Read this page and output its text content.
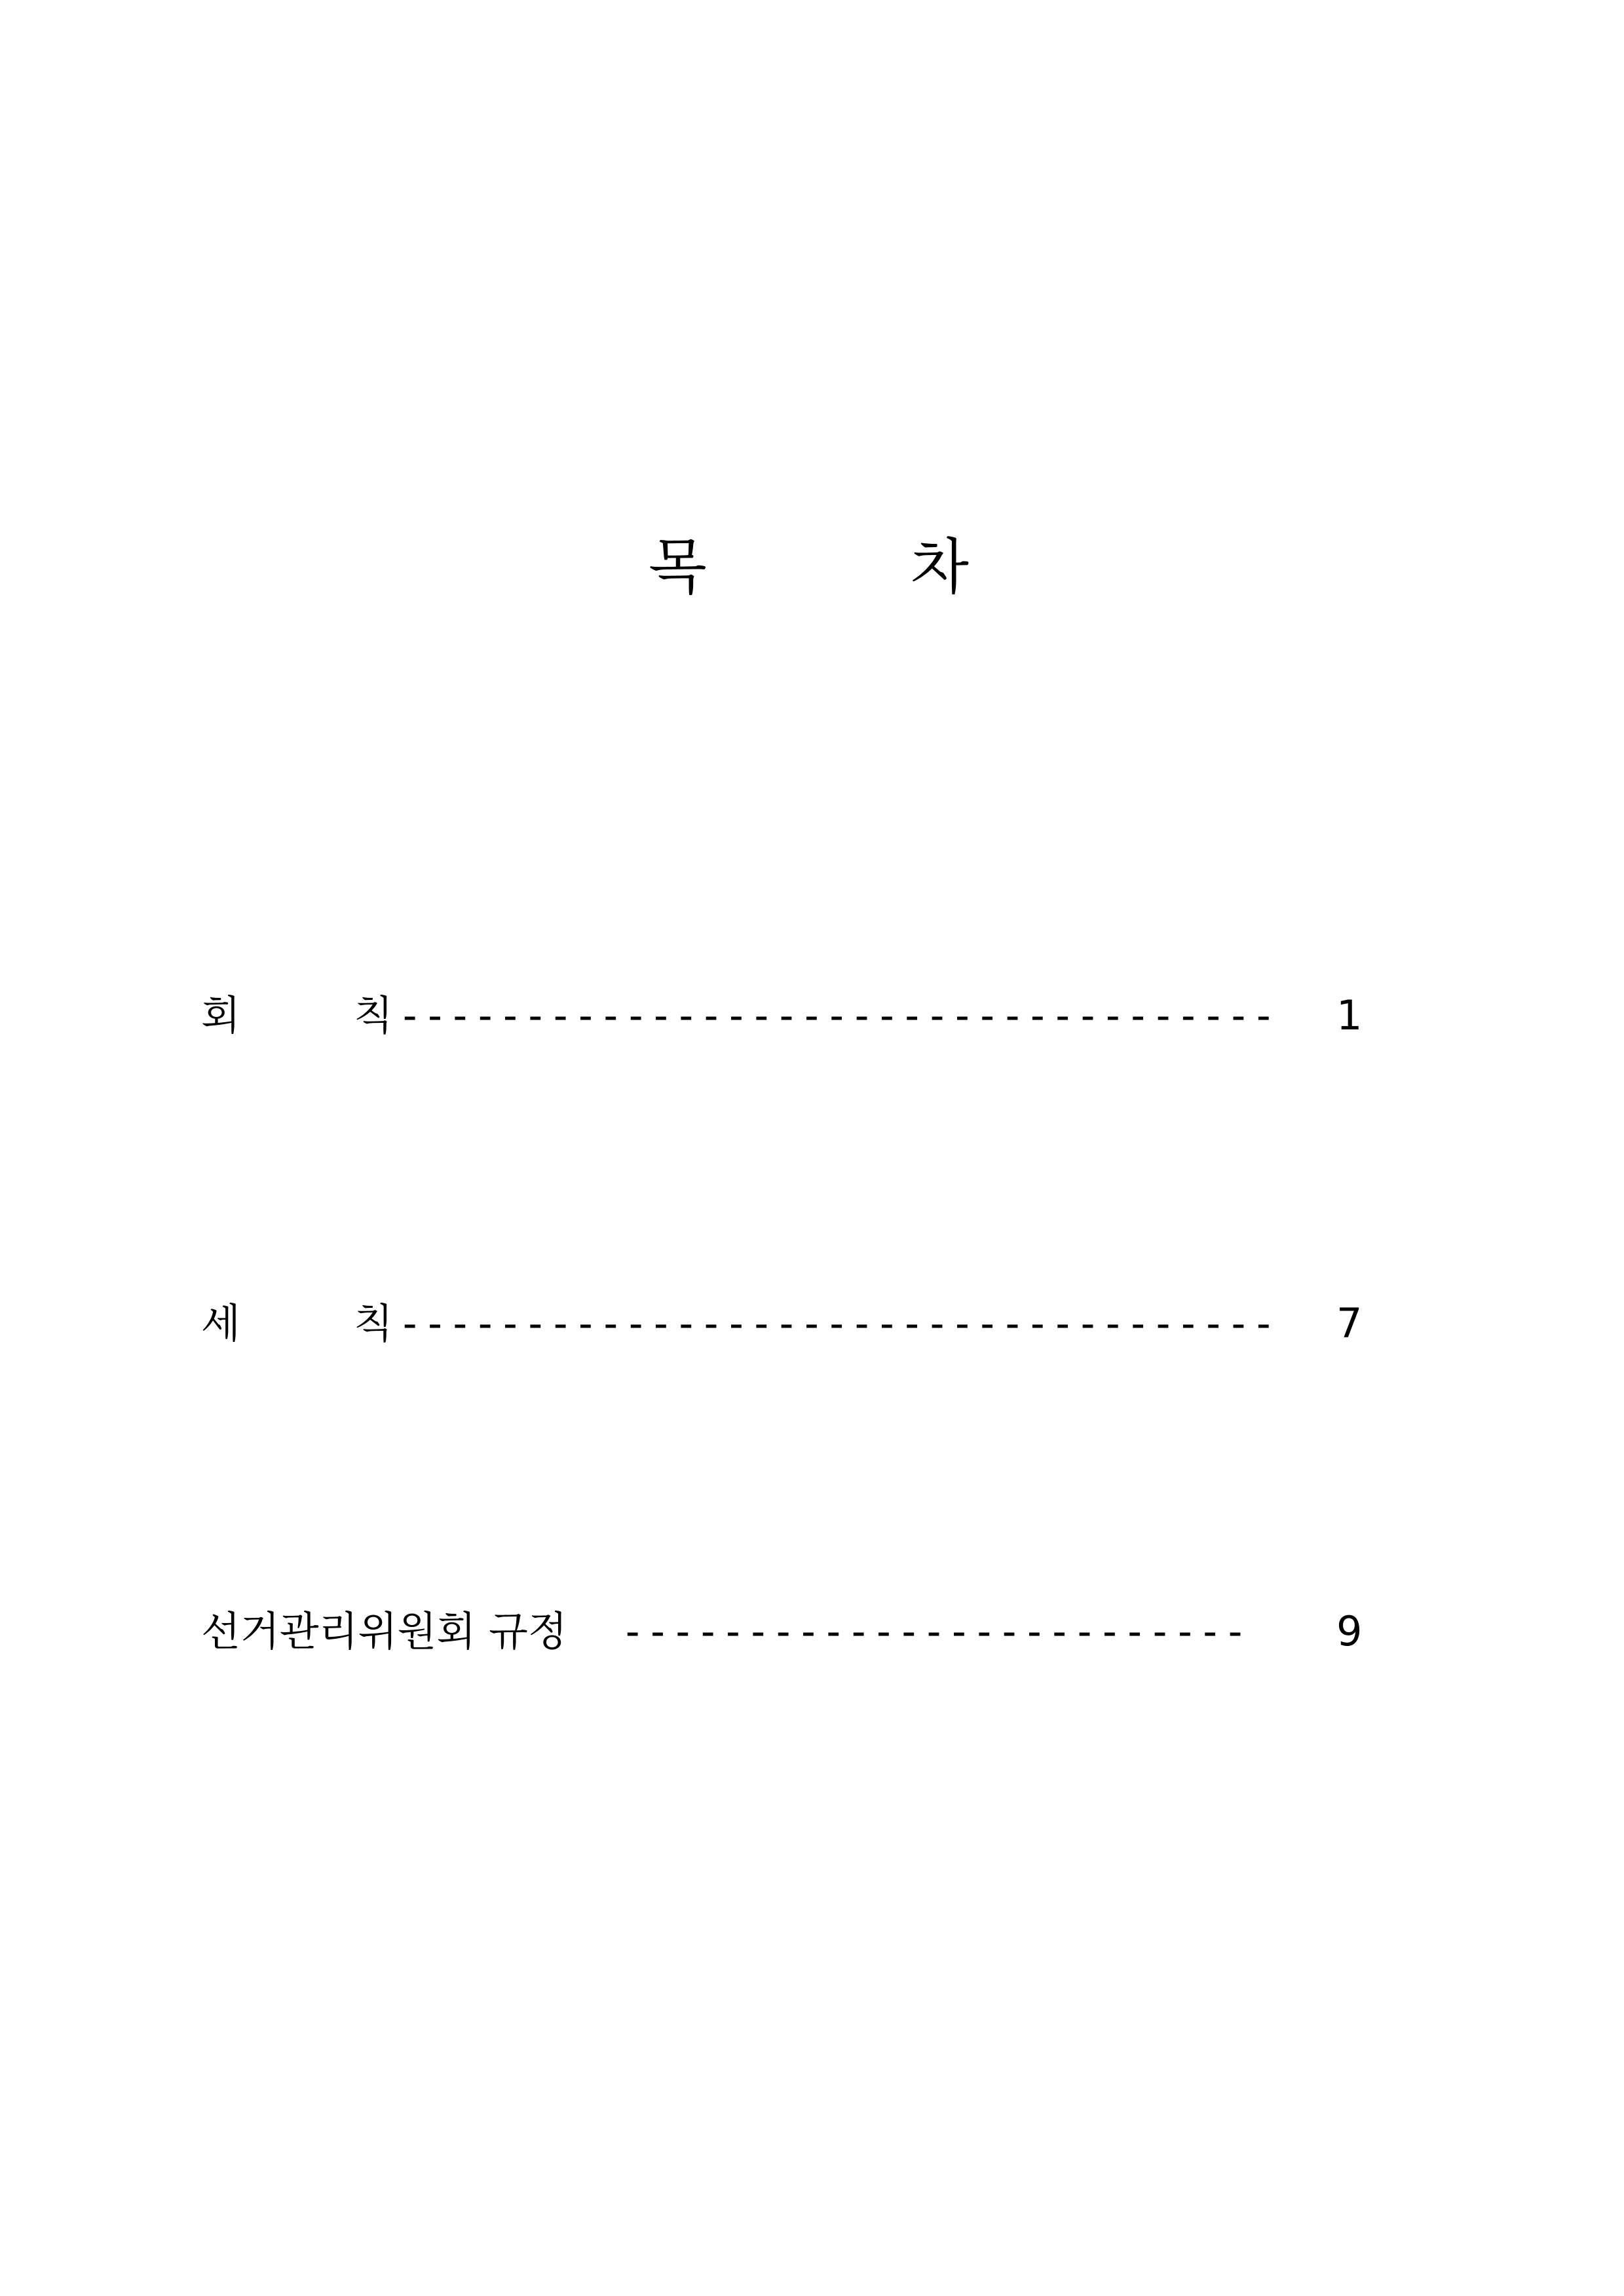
목	차
회	칙 ----------------------------------- 1
세	칙 ----------------------------------- 7
선거관리위원회 규정 ------------------------- 9
